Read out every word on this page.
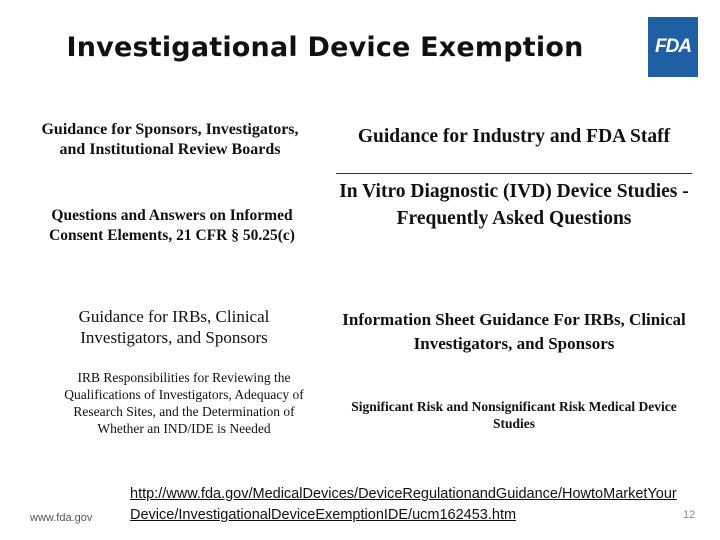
Investigational Device Exemption	FDA
Guidance for Sponsors, Investigators, and Institutional Review Boards
Questions and Answers on Informed Consent Elements, 21 CFR § 50.25(c)
Guidance for IRBs, Clinical Investigators, and Sponsors
IRB Responsibilities for Reviewing the Qualifications of Investigators, Adequacy of Research Sites, and the Determination of Whether an IND/IDE is Needed
Guidance for Industry and FDA Staff
In Vitro Diagnostic (IVD) Device Studies -Frequently Asked Questions
Information Sheet Guidance For IRBs, Clinical Investigators, and Sponsors
Significant Risk and Nonsignificant Risk Medical Device Studies
www.fda.gov
http://www.fda.gov/MedicalDevices/DeviceRegulationandGuidance/HowtoMarketYourDevice/InvestigationalDeviceExemptionIDE/ucm162453.htm	12
